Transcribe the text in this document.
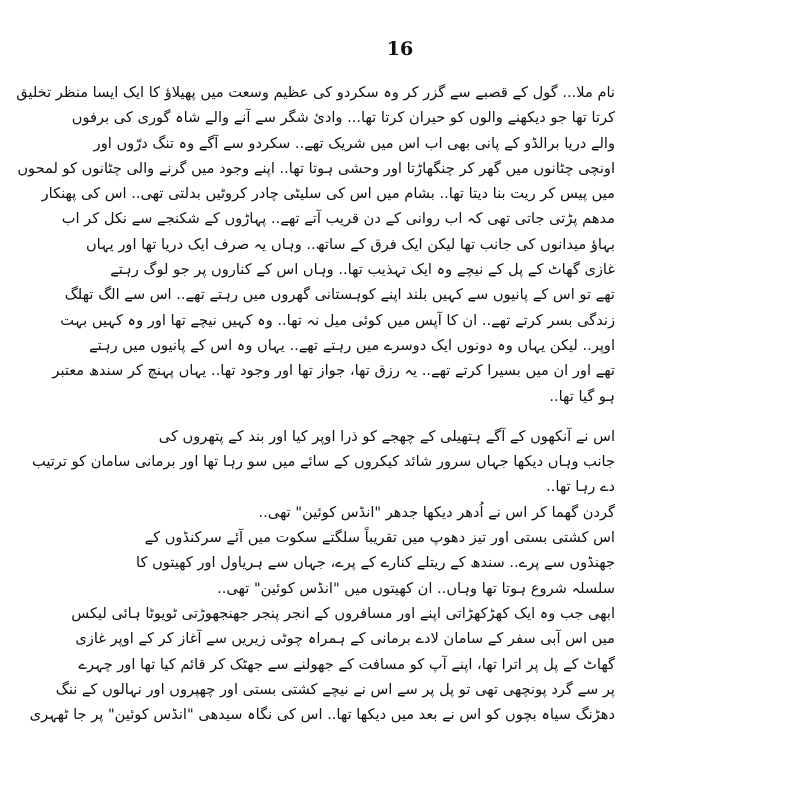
16
نام ملا... گول کے قصبے سے گزر کر وہ سکردو کی عظیم وسعت میں پھیلاؤ کا ایک ایسا منظر تخلیق
کرتا تھا جو دیکھنے والوں کو حیران کرتا تھا... وادیٔ شگر سے آنے والے شاہ گوری کی برفوں
والے دریا برالڈو کے پانی بھی اب اس میں شریک تھے.. سکردو سے آگے وہ تنگ درّوں اور
اونچی چٹانوں میں گھر کر چنگھاڑتا اور وحشی ہوتا تھا.. اپنے وجود میں گرنے والی چٹانوں کو لمحوں
میں پیس کر ریت بنا دیتا تھا.. بشام میں اس کی سلیٹی چادر کروٹیں بدلتی تھی.. اس کی پھنکار
مدھم پڑتی جاتی تھی کہ اب روانی کے دن قریب آتے تھے.. پہاڑوں کے شکنجے سے نکل کر اب
بہاؤ میدانوں کی جانب تھا لیکن ایک فرق کے ساتھ.. وہاں یہ صرف ایک دریا تھا اور یہاں
غازی گھاٹ کے پل کے نیچے وہ ایک تہذیب تھا.. وہاں اس کے کناروں پر جو لوگ رہتے
تھے تو اس کے پانیوں سے کہیں بلند اپنے کوہستانی گھروں میں رہتے تھے.. اس سے الگ تھلگ
زندگی بسر کرتے تھے.. ان کا آپس میں کوئی میل نہ تھا.. وہ کہیں نیچے تھا اور وہ کہیں بہت
اوپر.. لیکن یہاں وہ دونوں ایک دوسرے میں رہتے تھے.. یہاں وہ اس کے پانیوں میں رہتے
تھے اور ان میں بسیرا کرتے تھے.. یہ رزق تھا، جواز تھا اور وجود تھا.. یہاں پہنچ کر سندھ معتبر
ہو گیا تھا..
اس نے آنکھوں کے آگے ہتھیلی کے چھجے کو ذرا اوپر کیا اور بند کے پتھروں کی
جانب وہاں دیکھا جہاں سرور شائد کیکروں کے سائے میں سو رہا تھا اور برمانی سامان کو ترتیب
دے رہا تھا..
گردن گھما کر اس نے اُدھر دیکھا جدھر "انڈس کوئین" تھی..
اس کشتی بستی اور تیز دھوپ میں تقریباً سلگتے سکوت میں آئے سرکنڈوں کے
جھنڈوں سے پرے.. سندھ کے ریتلے کنارے کے پرے، جہاں سے ہریاول اور کھیتوں کا
سلسلہ شروع ہوتا تھا وہاں.. ان کھیتوں میں "انڈس کوئین" تھی..
ابھی جب وہ ایک کھڑکھڑاتی اپنے اور مسافروں کے انجر پنجر جھنجھوڑتی ٹویوٹا ہائی لیکس
میں اس آبی سفر کے سامان لادے برمانی کے ہمراہ چوٹی زیریں سے آغاز کر کے اوپر غازی
گھاٹ کے پل پر اترا تھا، اپنے آپ کو مسافت کے جھولنے سے جھٹک کر قائم کیا تھا اور چہرے
پر سے گرد پونچھی تھی تو پل پر سے اس نے نیچے کشتی بستی اور چھپروں اور نہالوں کے ننگ
دھڑنگ سیاہ بچوں کو اس نے بعد میں دیکھا تھا.. اس کی نگاہ سیدھی "انڈس کوئین" پر جا ٹھہری
